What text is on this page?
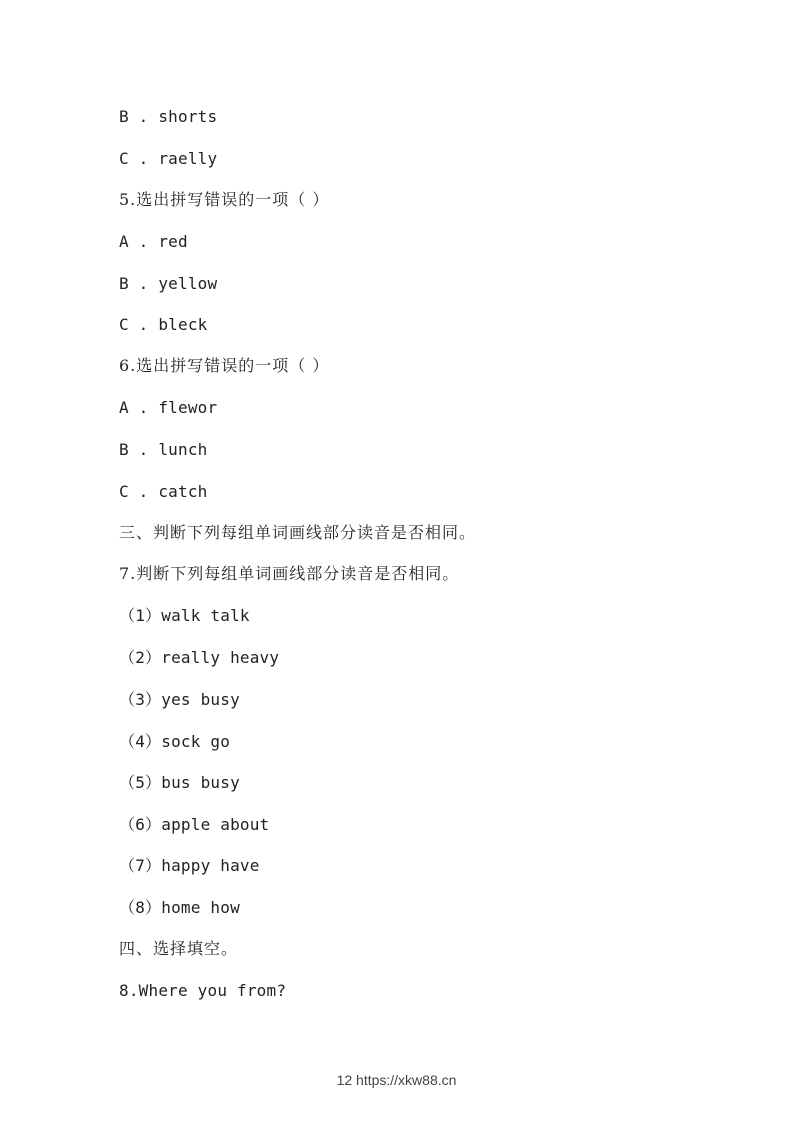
B . shorts
C . raelly
5.选出拼写错误的一项（ ）
A . red
B . yellow
C . bleck
6.选出拼写错误的一项（ ）
A . flewor
B . lunch
C . catch
三、判断下列每组单词画线部分读音是否相同。
7.判断下列每组单词画线部分读音是否相同。
（1）walk talk
（2）really heavy
（3）yes busy
（4）sock go
（5）bus busy
（6）apple about
（7）happy have
（8）home how
四、选择填空。
8.Where you from?
12 https://xkw88.cn
